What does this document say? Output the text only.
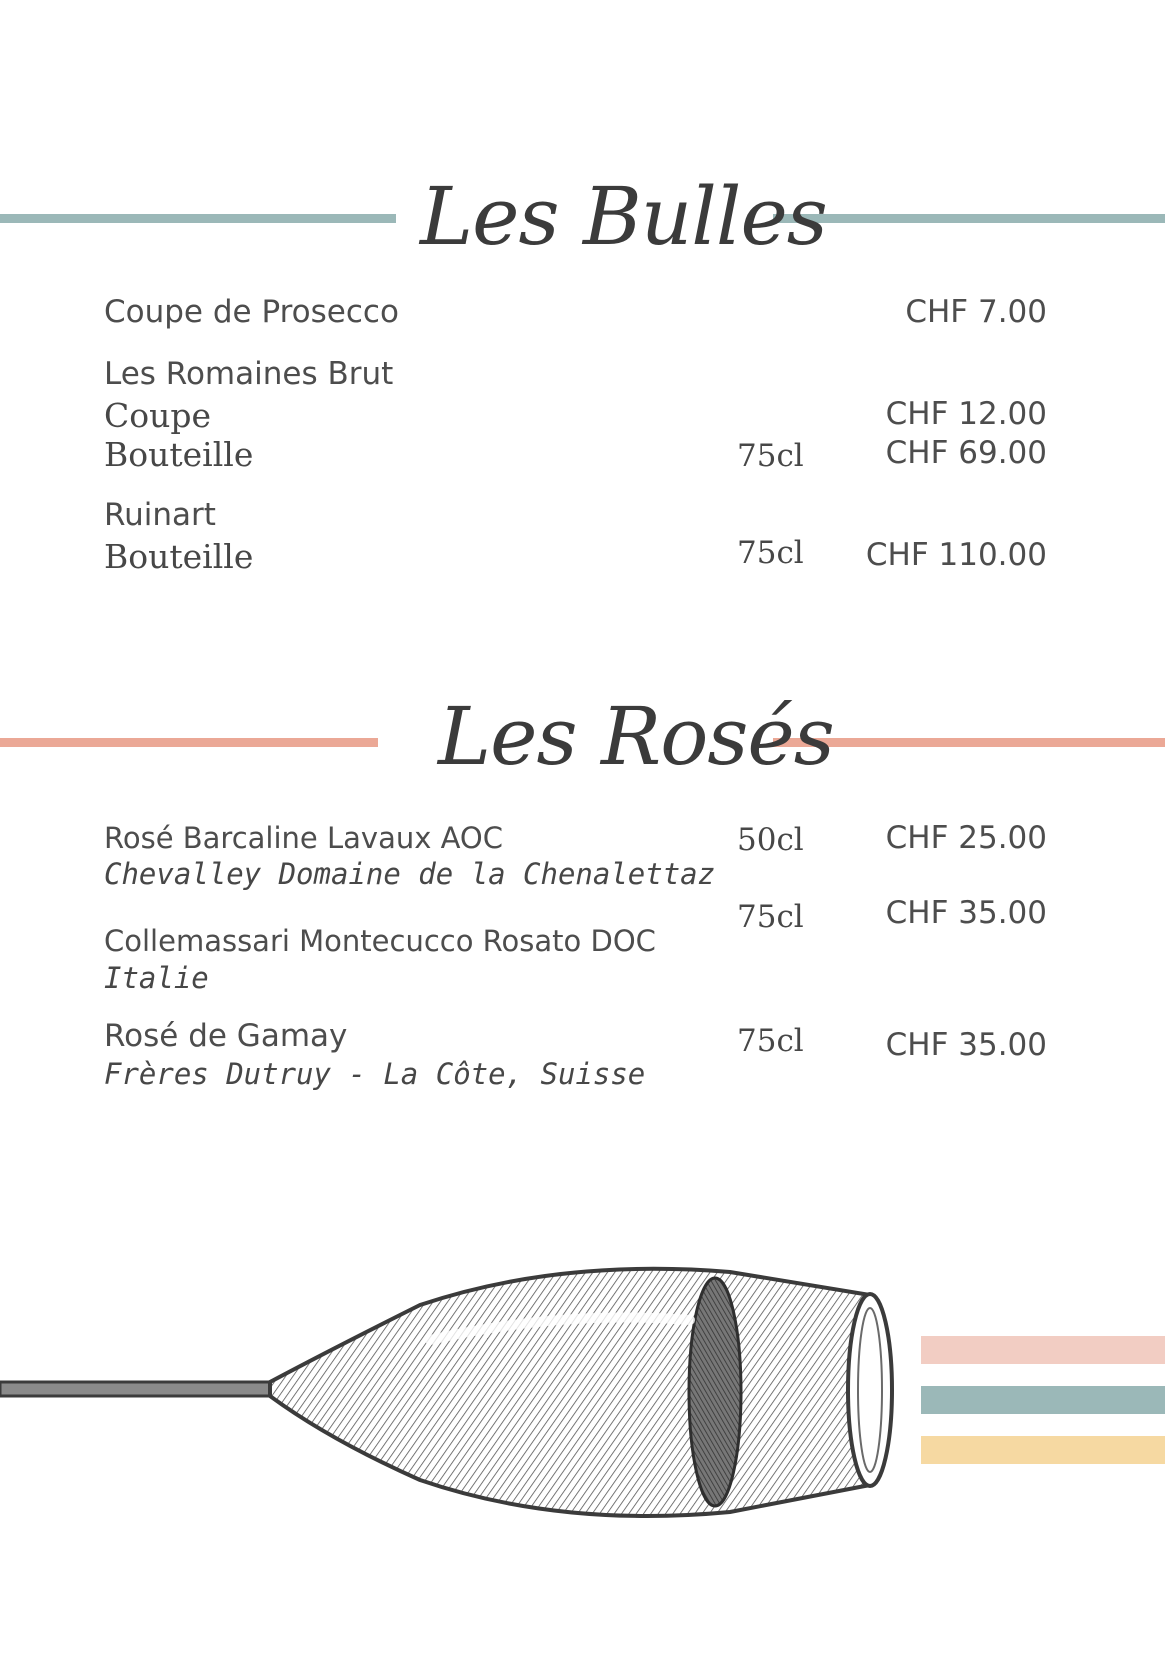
Les Bulles
Coupe de Prosecco	CHF 7.00
Les Romaines Brut
Coupe	CHF 12.00
Bouteille	75cl	CHF 69.00
Ruinart
Bouteille	75cl CHF 110.00
Les Rosés
Rosé Barcaline Lavaux AOC
Chevalley Domaine de la Chenalettaz
50cl	CHF 25.00
Collemassari Montecucco Rosato DOC
Italie
75cl	CHF 35.00
Rosé de Gamay
Frères Dutruy - La Côte, Suisse
75cl	CHF 35.00
